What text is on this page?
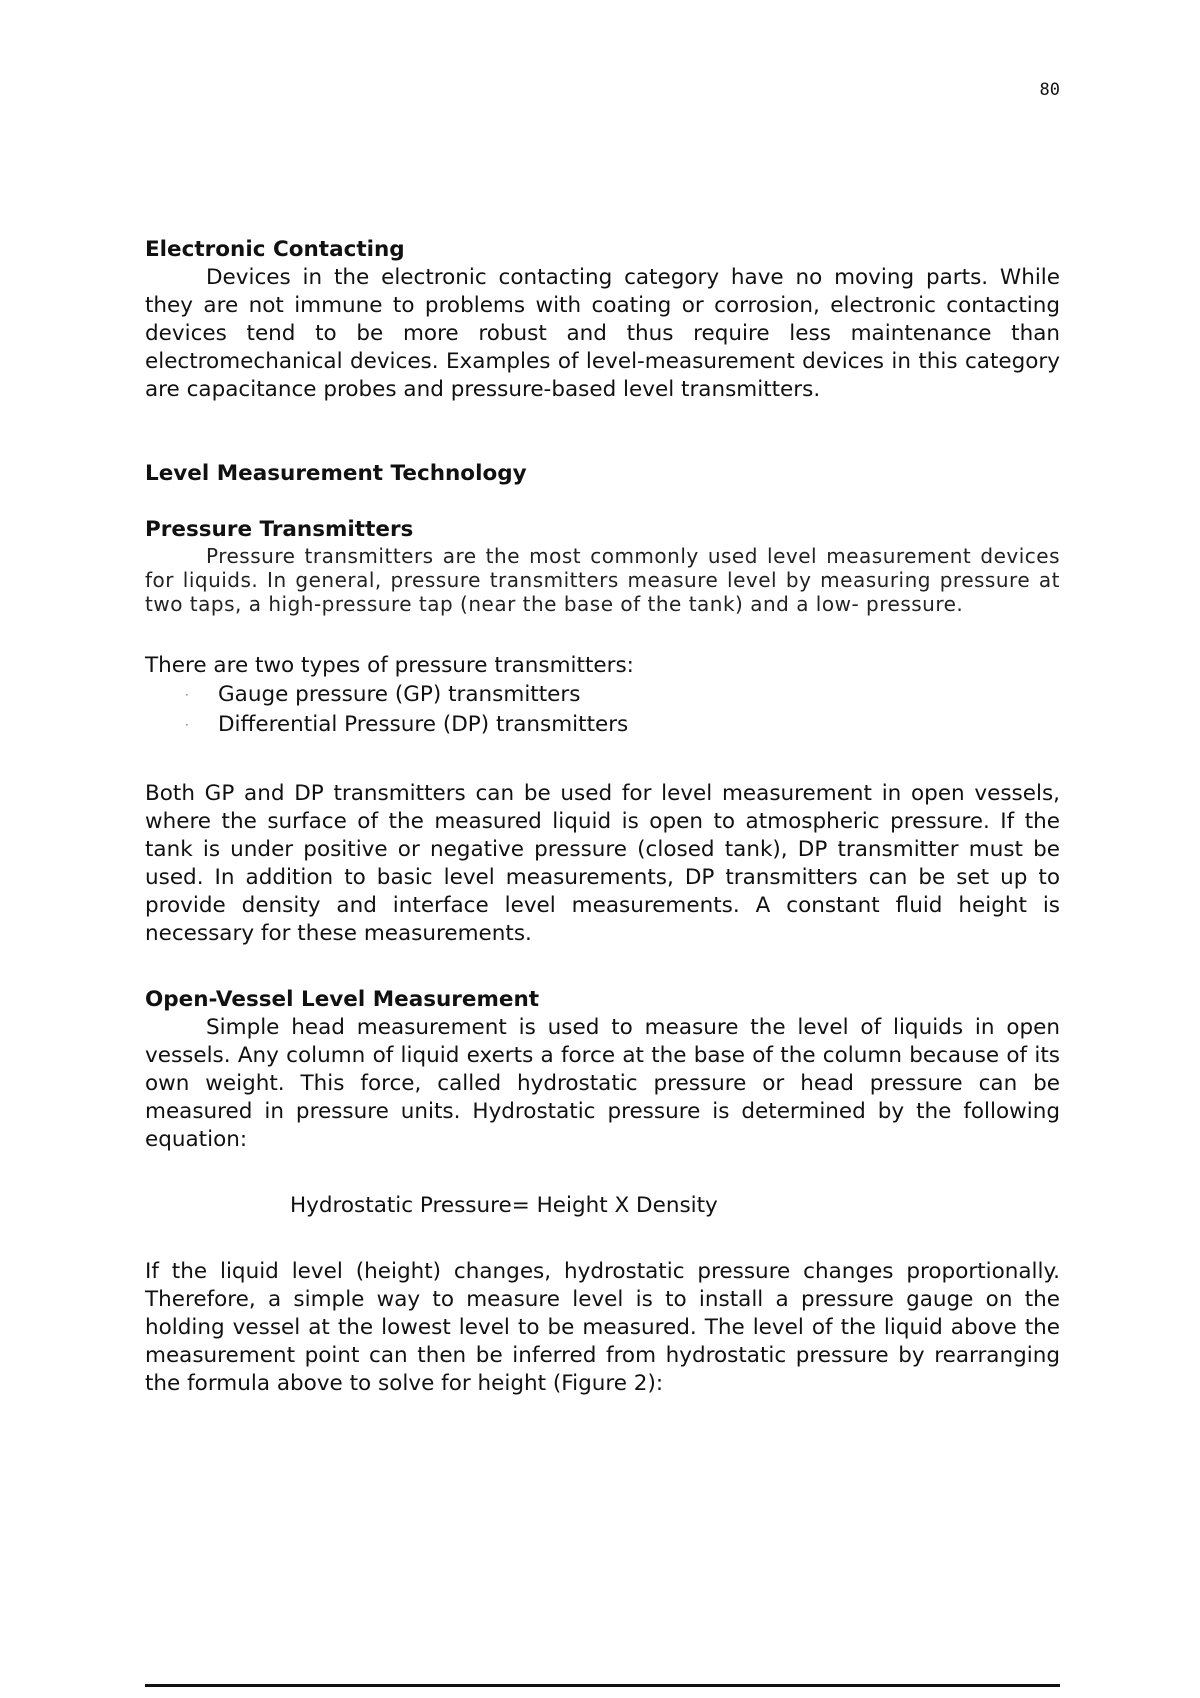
80
Electronic Contacting

Devices in the electronic contacting category have no moving parts. While they are not immune to problems with coating or corrosion, electronic contacting devices tend to be more robust and thus require less maintenance than electromechanical devices. Examples of level-measurement devices in this category are capacitance probes and pressure-based level transmitters.

Level Measurement Technology
Pressure Transmitters

Pressure transmitters are the most commonly used level measurement devices for liquids. In general, pressure transmitters measure level by measuring pressure at two taps, a high-pressure tap (near the base of the tank) and a low- pressure.

There are two types of pressure transmitters:

· Gauge pressure (GP) transmitters
· Differential Pressure (DP) transmitters

Both GP and DP transmitters can be used for level measurement in open vessels, where the surface of the measured liquid is open to atmospheric pressure. If the tank is under positive or negative pressure (closed tank), DP transmitter must be used. In addition to basic level measurements, DP transmitters can be set up to provide density and interface level measurements. A constant fluid height is necessary for these measurements.

Open-Vessel Level Measurement

Simple head measurement is used to measure the level of liquids in open vessels. Any column of liquid exerts a force at the base of the column because of its own weight. This force, called hydrostatic pressure or head pressure can be measured in pressure units. Hydrostatic pressure is determined by the following equation:

Hydrostatic Pressure= Height X Density

If the liquid level (height) changes, hydrostatic pressure changes proportionally. Therefore, a simple way to measure level is to install a pressure gauge on the holding vessel at the lowest level to be measured. The level of the liquid above the measurement point can then be inferred from hydrostatic pressure by rearranging the formula above to solve for height (Figure 2):
